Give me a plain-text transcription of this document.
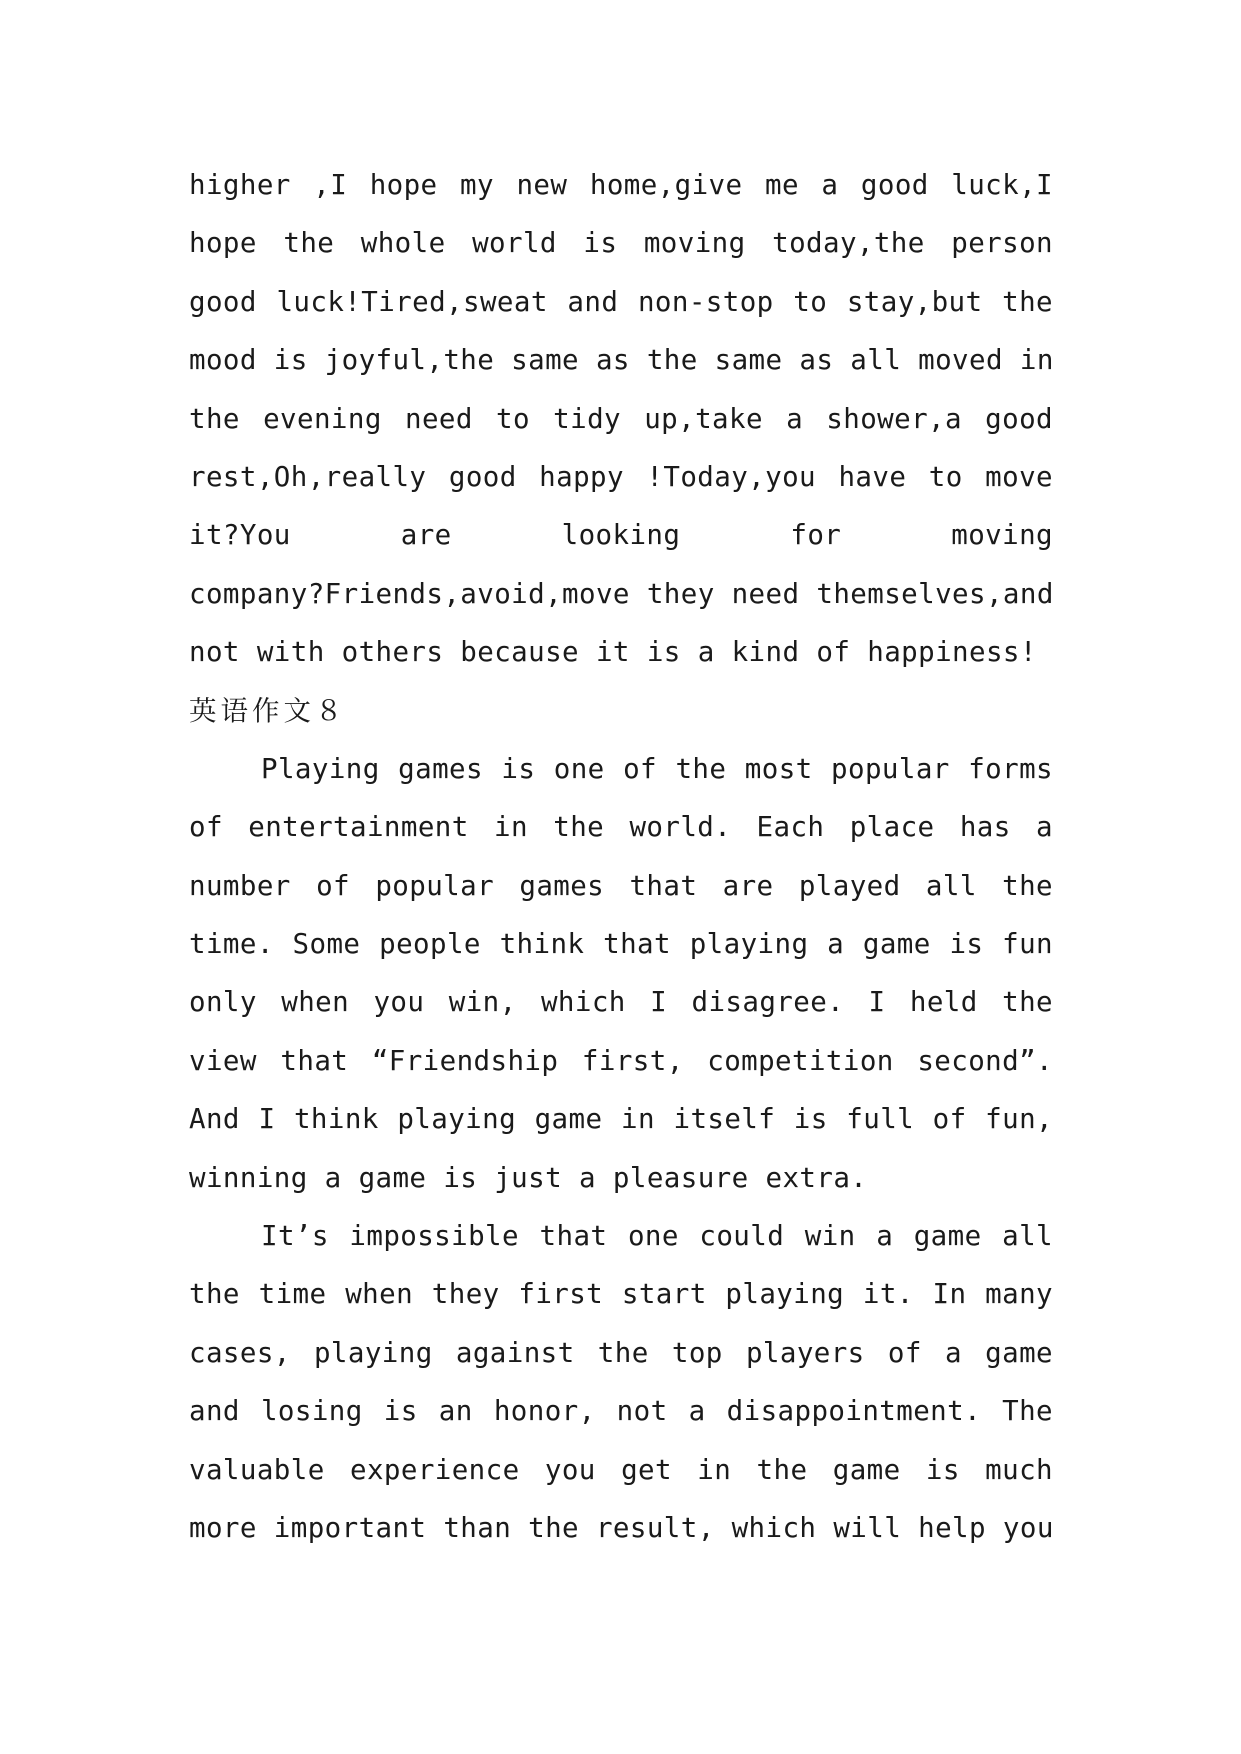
higher ,I hope my new home,give me a good luck,I
hope the whole world is moving today,the person
good luck!Tired,sweat and non-stop to stay,but the
mood is joyful,the same as the same as all moved in
the evening need to tidy up,take a shower,a good
rest,Oh,really good happy !Today,you have to move
it?You are looking for moving
company?Friends,avoid,move they need themselves,and
not with others because it is a kind of happiness!
英语作文８
Playing games is one of the most popular forms
of entertainment in the world. Each place has a
number of popular games that are played all the
time. Some people think that playing a game is fun
only when you win, which I disagree. I held the
view that “Friendship first, competition second”.
And I think playing game in itself is full of fun,
winning a game is just a pleasure extra.
It’s impossible that one could win a game all
the time when they first start playing it. In many
cases, playing against the top players of a game
and losing is an honor, not a disappointment. The
valuable experience you get in the game is much
more important than the result, which will help you
